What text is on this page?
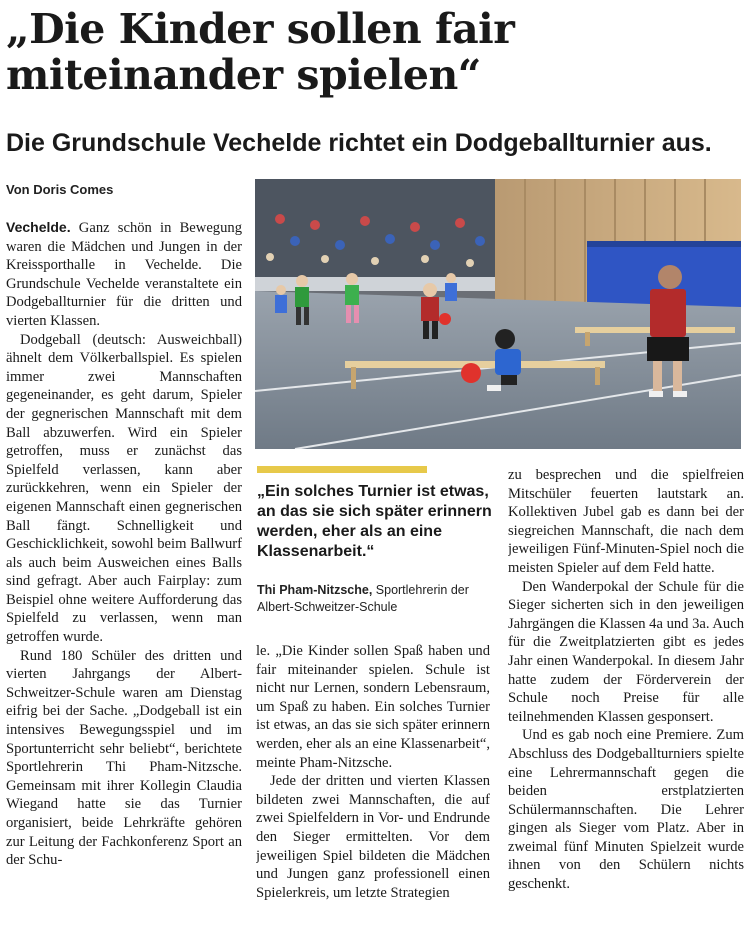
„Die Kinder sollen fair
miteinander spielen“
Die Grundschule Vechelde richtet ein Dodgeballturnier aus.
Von Doris Comes

Vechelde. Ganz schön in Bewegung waren die Mädchen und Jungen in der Kreissporthalle in Vechelde. Die Grundschule Vechelde veranstaltete ein Dodgeballturnier für die dritten und vierten Klassen.

Dodgeball (deutsch: Ausweichball) ähnelt dem Völkerballspiel. Es spielen immer zwei Mannschaften gegeneinander, es geht darum, Spieler der gegnerischen Mannschaft mit dem Ball abzuwerfen. Wird ein Spieler getroffen, muss er zunächst das Spielfeld verlassen, kann aber zurückkehren, wenn ein Spieler der eigenen Mannschaft einen gegnerischen Ball fängt. Schnelligkeit und Geschicklichkeit, sowohl beim Ballwurf als auch beim Ausweichen eines Balls sind gefragt. Aber auch Fairplay: zum Beispiel ohne weitere Aufforderung das Spielfeld zu verlassen, wenn man getroffen wurde.

Rund 180 Schüler des dritten und vierten Jahrgangs der Albert-Schweitzer-Schule waren am Dienstag eifrig bei der Sache. „Dodgeball ist ein intensives Bewegungsspiel und im Sportunterricht sehr beliebt“, berichtete Sportlehrerin Thi Pham-Nitzsche. Gemeinsam mit ihrer Kollegin Claudia Wiegand hatte sie das Turnier organisiert, beide Lehrkräfte gehören zur Leitung der Fachkonferenz Sport an der Schu-

„Ein solches Turnier ist etwas, an das sie sich später erinnern werden, eher als an eine Klassenarbeit.“

Thi Pham-Nitzsche, Sportlehrerin der Albert-Schweitzer-Schule

le. „Die Kinder sollen Spaß haben und fair miteinander spielen. Schule ist nicht nur Lernen, sondern Lebensraum, um Spaß zu haben. Ein solches Turnier ist etwas, an das sie sich später erinnern werden, eher als an eine Klassenarbeit“, meinte Pham-Nitzsche.

Jede der dritten und vierten Klassen bildeten zwei Mannschaften, die auf zwei Spielfeldern in Vor- und Endrunde den Sieger ermittelten. Vor dem jeweiligen Spiel bildeten die Mädchen und Jungen ganz professionell einen Spielerkreis, um letzte Strategien

zu besprechen und die spielfreien Mitschüler feuerten lautstark an. Kollektiven Jubel gab es dann bei der siegreichen Mannschaft, die nach dem jeweiligen Fünf-Minuten-Spiel noch die meisten Spieler auf dem Feld hatte.

Den Wanderpokal der Schule für die Sieger sicherten sich in den jeweiligen Jahrgängen die Klassen 4a und 3a. Auch für die Zweitplatzierten gibt es jedes Jahr einen Wanderpokal. In diesem Jahr hatte zudem der Förderverein der Schule noch Preise für alle teilnehmenden Klassen gesponsert.

Und es gab noch eine Premiere. Zum Abschluss des Dodgeballturniers spielte eine Lehrermannschaft gegen die beiden erstplatzierten Schülermannschaften. Die Lehrer gingen als Sieger vom Platz. Aber in zweimal fünf Minuten Spielzeit wurde ihnen von den Schülern nichts geschenkt.
